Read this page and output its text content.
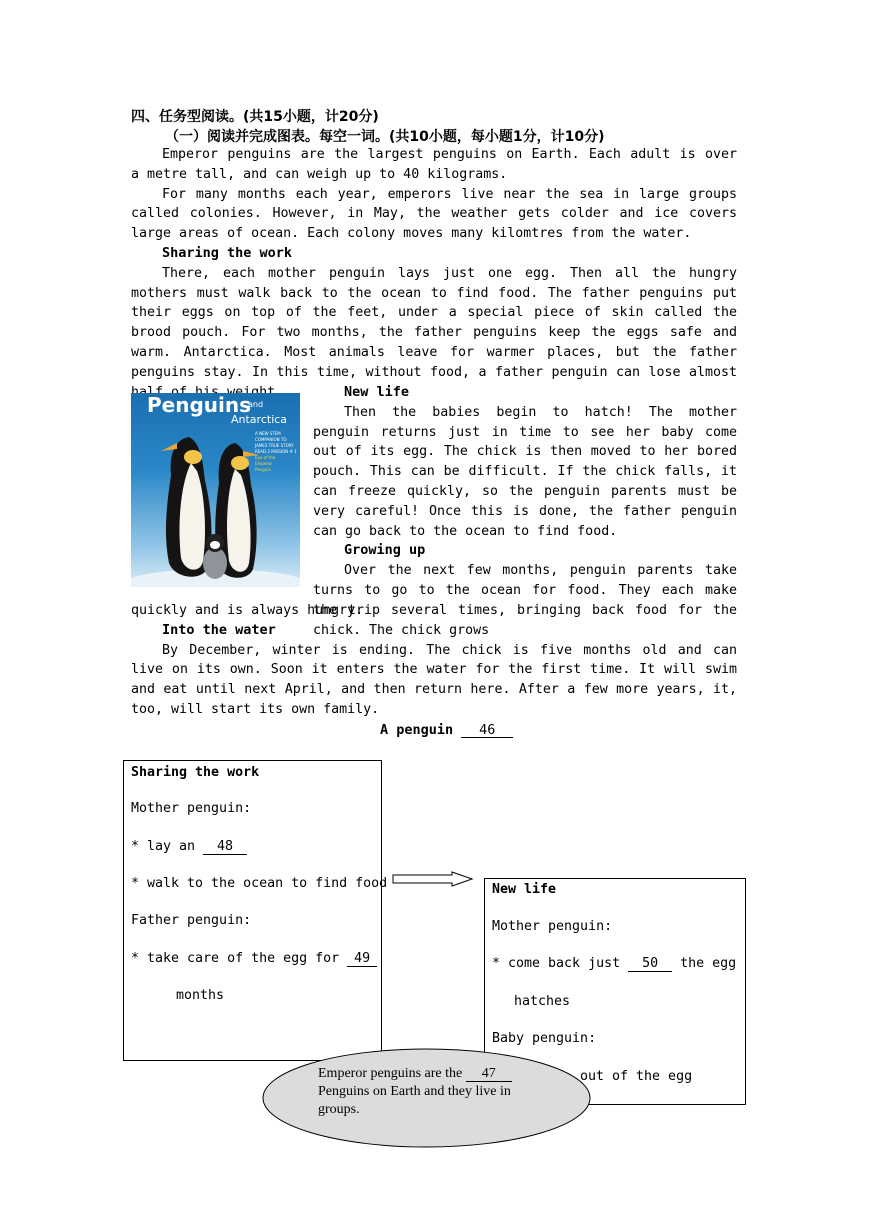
四、任务型阅读。(共15小题，计20分)
（一）阅读并完成图表。每空一词。(共10小题，每小题1分，计10分)

Emperor penguins are the largest penguins on Earth. Each adult is over a metre tall, and can weigh up to 40 kilograms.

For many months each year, emperors live near the sea in large groups called colonies. However, in May, the weather gets colder and ice covers large areas of ocean. Each colony moves many kilomtres from the water.

Sharing the work

There, each mother penguin lays just one egg. Then all the hungry mothers must walk back to the ocean to find food. The father penguins put their eggs on top of the feet, under a special piece of skin called the brood pouch. For two months, the father penguins keep the eggs safe and warm. Antarctica. Most animals leave for warmer places, but the father penguins stay. In this time, without food, a father penguin can lose almost

Penguins
and
Antarctica
A NEW STEM
COMPANION TO
JAMES TRUE STORY
READ 2 MISSION # 1
Eye of the
Emperor
Penguin
New life

Then the babies begin to hatch! The mother penguin returns just in time to see her baby come out of its egg. The chick is then moved to her bored pouch. This can be difficult. If the chick falls, it can freeze quickly, so the penguin parents must be very careful! Once this is done, the father penguin can go back to the ocean to find food.

Growing up

Over the next few months, penguin parents take turns to go to the ocean for food. They each make the trip several times, bringing back food for the chick. The chick grows

quickly and is always hungry.

Into the water

By December, winter is ending. The chick is five months old and can live on its own. Soon it enters the water for the first time. It will swim and eat until next April, and then return here. After a few more years, it, too, will start its own family.

A penguin 46
Sharing the work
Mother penguin:
* lay an 48
* walk to the ocean to find food
Father penguin:
* take care of the egg for 49
months
New life
Mother penguin:
* come back just 50 the egg
hatches
Baby penguin:
out of the egg
Emperor penguins are the 47
Penguins on Earth and they live in
groups.
